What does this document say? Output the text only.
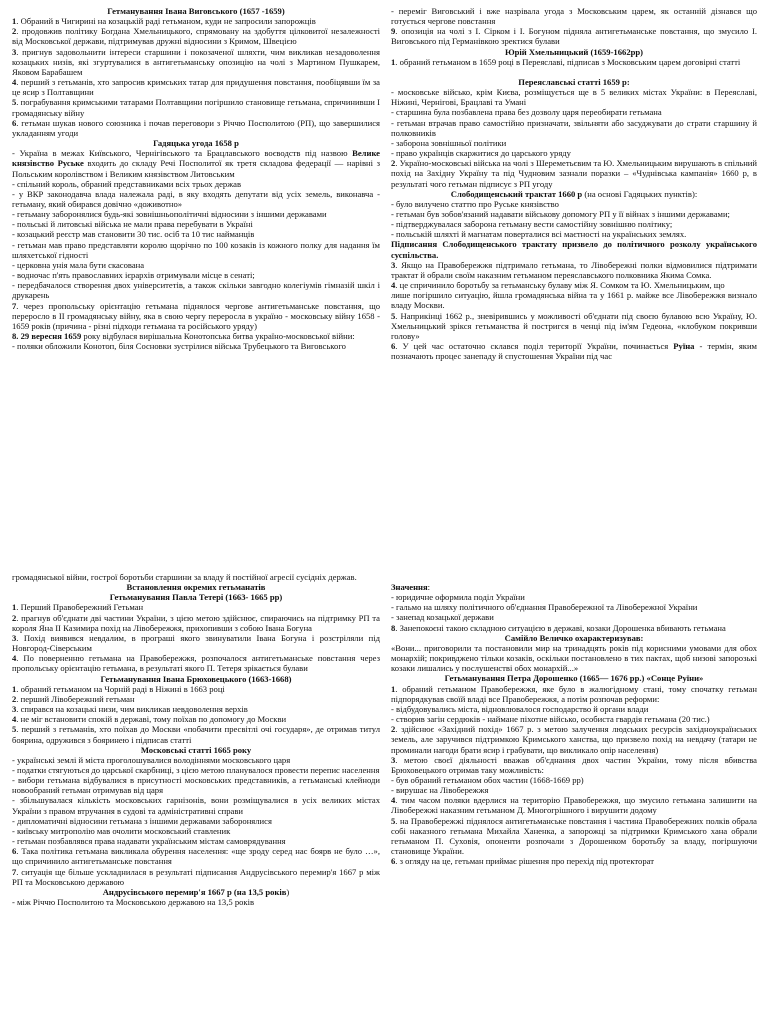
Гетманування Івана Виговського (1657 -1659)

1. Обраний в Чигирині на козацькій раді гетьманом, куди не запросили запорожців

2. продовжив політику Богдана Хмельницького, спрямовану на здобуття цілковитої незалежності від Московської держави, підтримував дружні відносини з Кримом, Швецією

3. пригнув задовольнити інтереси старшини і покозаченої шляхти, чим викликав незадоволення козацьких низів, які згуртувалися в антигетьманську опозицію на чолі з Мартином Пушкарем, Яковом Барабашем

4. перший з гетьманів, хто запросив кримських татар для придушення повстання, пообіцявши їм за це ясир з Полтавщини

5. пограбування кримськими татарами Полтавщини погіршило становище гетьмана, спричинивши І громадянську війну

6. гетьман шукав нового союзника і почав переговори з Річчю Посполитою (РП), що завершилися укладанням угоди

Гадяцька угода 1658 р

- Україна в межах Київського, Чернігівського та Брацлавського воєводств під назвою Велике князівство Руське входить до складу Речі Посполитої як третя складова федерації — нарівні з Польським королівством і Великим князівством Литовським

- спільний король, обраний представниками всіх трьох держав

- у ВКР законодавча влада належала раді, в яку входять депутати від усіх земель, виконавча - гетьману, який обирався довічно «доживотно»

- гетьману заборонялися будь-які зовнішньополітичні відносини з іншими державами

- польські й литовські війська не мали права перебувати в Україні

- козацький реєстр мав становити 30 тис. осіб та 10 тис найманців

- гетьман мав право представляти королю щорічно по 100 козаків із кожного полку для надання їм шляхетської гідності

- церковна унія мала бути скасована

- водночас п'ять православних ієрархів отримували місце в сенаті;

- передбачалося створення двох університетів, а також скільки завгодно колегіумів гімназій шкіл і друкарень

7. через пропольську орієнтацію гетьмана піднялося чергове антигетьманське повстання, що переросло в ІІ громадянську війну, яка в свою чергу переросла в україно - московську війну 1658 - 1659 років (причина - різні підходи гетьмана та російського уряду)

8. 29 вересня 1659 року відбулася вирішальна Конотопська битва україно-московської війни:

- поляки обложили Конотоп, біля Сосновки зустрілися війська Трубецького та Виговського

- переміг Виговський і вже назрівала угода з Московським царем, як останній дізнався що готується чергове повстання

9. опозиція на чолі з І. Сірком і І. Богуном підняла антигетьманське повстання, що змусило І. Виговського під Германівкою зректися булави

Юрій Хмельницький (1659-1662рр)

1. обраний гетьманом в 1659 році в Переяславі, підписав з Московським царем договірні статті

Переяславські статті 1659 р:

- московське військо, крім Києва, розміщується ще в 5 великих містах України: в Переяславі, Ніжині, Чернігові, Брацлаві та Умані

- старшина була позбавлена права без дозволу царя переобирати гетьмана

- гетьман втрачав право самостійно призначати, звільняти або засуджувати до страти старшину й полковників

- заборона зовнішньої політики

- право українців скаржитися до царського уряду

2. Україно-московські війська на чолі з Шереметьєвим та Ю. Хмельницьким вирушають в спільний похід на Західну Україну та під Чудновим зазнали поразки – «Чуднівська кампанія» 1660 р, в результаті чого гетьман підписує з РП угоду

Слободищенський трактат 1660 р (на основі Гадяцьких пунктів):

- було вилучено статтю про Руське князівство

- гетьман був зобов'язаний надавати військову допомогу РП у її війнах з іншими державами;

- підтверджувалася заборона гетьману вести самостійну зовнішню політику;

- польській шляхті й магнатам поверталися всі маєтності на українських землях.

Підписання Слободищенського трактату призвело до політичного розколу українського суспільства.

3. Якщо на Правобережжя підтримало гетьмана, то Лівобережні полки відмовилися підтримати трактат й обрали своїм наказним гетьманом переяславського полковника Якима Сомка.

4. це спричинило боротьбу за гетьманську булаву між Я. Сомком та Ю. Хмельницьким, що

лише погіршило ситуацію, йшла громадянська війна та у 1661 р. майже все Лівобережжя визнало владу Москви.

5. Наприкінці 1662 р., зневірившись у можливості об'єднати під своєю булавою всю Україну, Ю. Хмельницький зрікся гетьманства й постригся в ченці під ім'ям Гедеона, «клобуком покривши голову»

6. У цей час остаточно склався поділ території України, починається Руїна - термін, яким позначають процес занепаду й спустошення України під час

громадянської війни, гострої боротьби старшини за владу й постійної агресії сусідніх держав.

Встановлення окремих гетьманатів

Гетьманування Павла Тетері (1663- 1665 рр)

1. Перший Правобережний Гетьман

2. прагнув об'єднати дві частини України, з цією метою здійснює, спираючись на підтримку РП та короля Яна ІІ Казимира похід на Лівобережжя, прихопивши з собою Івана Богуна

3. Похід виявився невдалим, в програші якого звинуватили Івана Богуна і розстріляли під Новгород-Сіверським

4. По поверненню гетьмана на Правобережжя, розпочалося антигетьманське повстання через пропольську орієнтацію гетьмана, в результаті якого П. Тетеря зрікається булави

Гетьманування Івана Брюховецького (1663-1668)

1. обраний гетьманом на Чорній раді в Ніжині в 1663 році

2. перший Лівобережний гетьман

3. спирався на козацькі низи, чим викликав невдоволення верхів

4. не міг встановити спокій в державі, тому поїхав по допомогу до Москви

5. перший з гетьманів, хто поїхав до Москви «побачити пресвітлі очі государя», де отримав титул боярина, одружився з бояринею і підписав статті

Московські статті 1665 року

- українські землі й міста проголошувалися володіннями московського царя

- податки стягуються до царської скарбниці, з цією метою планувалося провести перепис населення

- вибори гетьмана відбувалися в присутності московських представників, а гетьманські клейноди новообраний гетьман отримував від царя

- збільшувалася кількість московських гарнізонів, вони розміщувалися в усіх великих містах України з правом втручання в судові та адміністративні справи

- дипломатичні відносини гетьмана з іншими державами заборонялися

- київську митрополію мав очолити московський ставленик

- гетьман позбавлявся права надавати українським містам самоврядування

6. Така політика гетьмана викликала обурення населення: «ще зроду серед нас боярв не було …», що спричинило антигетьманське повстання

7. ситуація ще більше ускладнилася в результаті підписання Андрусівського перемир'я 1667 р між РП та Московською державою

Андрусівського перемир'я 1667 р (на 13,5 років)

- між Річчю Посполитою та Московською державою на 13,5 років

Значення:

- юридичне оформила поділ України

- гальмо на шляху політичного об'єднання Правобережної та Лівобережної України

- занепад козацької держави

8. Занепокоєні такою складною ситуацією в державі, козаки Дорошенка вбивають гетьмана

Самійло Величко охарактеризував:

«Вони... приговорили та постановили мир на тринадцять років під корисними умовами для обох монархій; покривджено тільки козаків, оскільки постановлено в тих пактах, щоб низові запорозькі козаки лишались у послушенстві обох монархій...»

Гетьманування Петра Дорошенко (1665— 1676 рр.) «Сонце Руїни»

1. обраний гетьманом Правобережжя, яке було в жалюгідному стані, тому спочатку гетьман підпорядкував своїй владі все Правобережжя, а потім розпочав реформи:

- відбудовувались міста, відновлювалося господарство й органи влади

- створив загін сердюків - наймане піхотне військо, особиста гвардія гетьмана (20 тис.)

2. здійснює «Західний похід» 1667 р. з метою залучення людських ресурсів західноукраїнських земель, але заручився підтримкою Кримського ханства, що призвело похід на невдачу (татари не проминали нагоди брати ясир і грабувати, що викликало опір населення)

3. метою своєї діяльності вважав об'єднання двох частин України, тому після вбивства Брюховецького отримав таку можливість:

- був обраний гетьманом обох частин (1668-1669 рр)

- вирушає на Лівобережжя

4. тим часом поляки вдерлися на територію Правобережжя, що змусило гетьмана залишити на Лівобережжі наказним гетьманом Д. Многогрішного і вирушити додому

5. на Правобережжі піднялося антигетьманське повстання і частина Правобережних полків обрала собі наказного гетьмана Михайла Ханенка, а запорожці за підтримки Кримського хана обрали гетьманом П. Суховія, опоненти розпочали з Дорошенком боротьбу за владу, погіршуючи становище України.

6. з огляду на це, гетьман приймає рішення про перехід під протекторат
